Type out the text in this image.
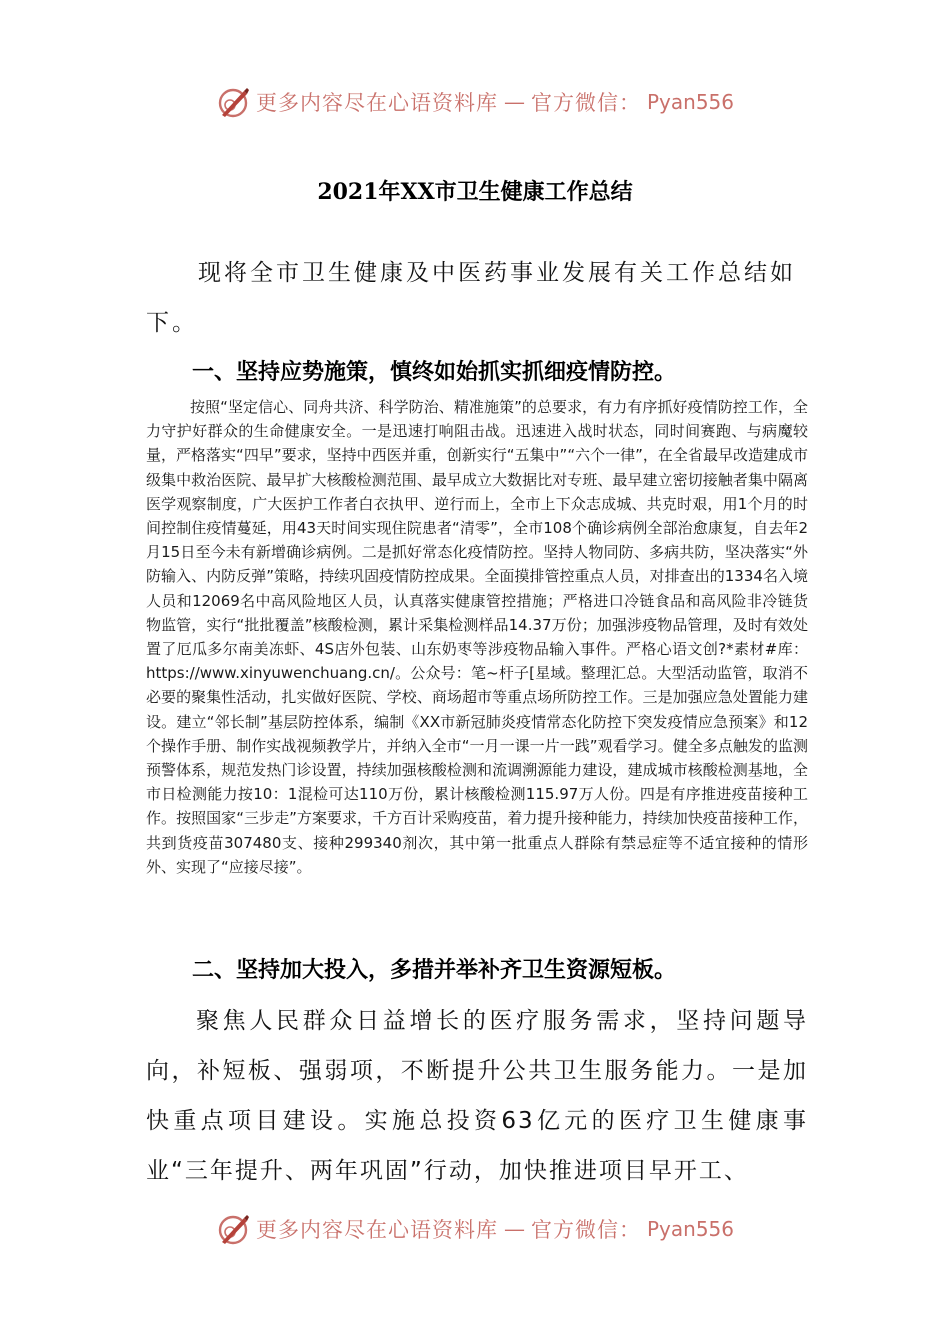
更多内容尽在心语资料库 — 官方微信： Pyan556
2021年XX市卫生健康工作总结

现将全市卫生健康及中医药事业发展有关工作总结如下。

一、坚持应势施策，慎终如始抓实抓细疫情防控。

按照“坚定信心、同舟共济、科学防治、精准施策”的总要求，有力有序抓好疫情防控工作，全力守护好群众的生命健康安全。一是迅速打响阻击战。迅速进入战时状态，同时间赛跑、与病魔较量，严格落实“四早”要求，坚持中西医并重，创新实行“五集中”“六个一律”，在全省最早改造建成市级集中救治医院、最早扩大核酸检测范围、最早成立大数据比对专班、最早建立密切接触者集中隔离医学观察制度，广大医护工作者白衣执甲、逆行而上，全市上下众志成城、共克时艰，用1个月的时间控制住疫情蔓延，用43天时间实现住院患者“清零”，全市108个确诊病例全部治愈康复，自去年2月15日至今未有新增确诊病例。二是抓好常态化疫情防控。坚持人物同防、多病共防，坚决落实“外防输入、内防反弹”策略，持续巩固疫情防控成果。全面摸排管控重点人员，对排查出的1334名入境人员和12069名中高风险地区人员，认真落实健康管控措施；严格进口冷链食品和高风险非冷链货物监管，实行“批批覆盖”核酸检测，累计采集检测样品14.37万份；加强涉疫物品管理，及时有效处置了厄瓜多尔南美冻虾、4S店外包装、山东奶枣等涉疫物品输入事件。严格心语文创?*素材#库：https://www.xinyuwenchuang.cn/。公众号：笔~杆子[星域。整理汇总。大型活动监管，取消不必要的聚集性活动，扎实做好医院、学校、商场超市等重点场所防控工作。三是加强应急处置能力建设。建立“邻长制”基层防控体系，编制《XX市新冠肺炎疫情常态化防控下突发疫情应急预案》和12个操作手册、制作实战视频教学片，并纳入全市“一月一课一片一践”观看学习。健全多点触发的监测预警体系，规范发热门诊设置，持续加强核酸检测和流调溯源能力建设，建成城市核酸检测基地，全市日检测能力按10：1混检可达110万份，累计核酸检测115.97万人份。四是有序推进疫苗接种工作。按照国家“三步走”方案要求，千方百计采购疫苗，着力提升接种能力，持续加快疫苗接种工作，共到货疫苗307480支、接种299340剂次，其中第一批重点人群除有禁忌症等不适宜接种的情形外、实现了“应接尽接”。

二、坚持加大投入，多措并举补齐卫生资源短板。

聚焦人民群众日益增长的医疗服务需求，坚持问题导向，补短板、强弱项，不断提升公共卫生服务能力。一是加快重点项目建设。实施总投资63亿元的医疗卫生健康事业“三年提升、两年巩固”行动，加快推进项目早开工、

更多内容尽在心语资料库 — 官方微信： Pyan556
